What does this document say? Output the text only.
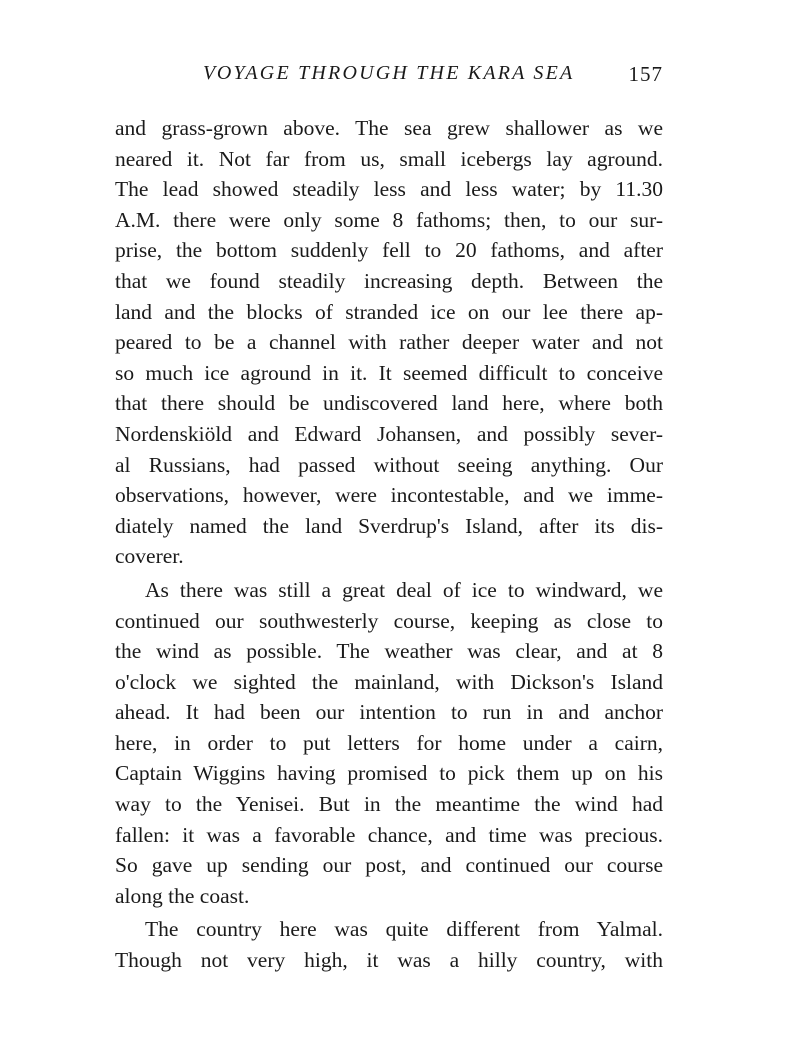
VOYAGE THROUGH THE KARA SEA	157
and grass-grown above. The sea grew shallower as we
neared it. Not far from us, small icebergs lay aground.
The lead showed steadily less and less water; by 11.30
A.M. there were only some 8 fathoms; then, to our sur-
prise, the bottom suddenly fell to 20 fathoms, and after
that we found steadily increasing depth. Between the
land and the blocks of stranded ice on our lee there ap-
peared to be a channel with rather deeper water and not
so much ice aground in it. It seemed difficult to conceive
that there should be undiscovered land here, where both
Nordenskiöld and Edward Johansen, and possibly sever-
al Russians, had passed without seeing anything. Our
observations, however, were incontestable, and we imme-
diately named the land Sverdrup's Island, after its dis-
coverer.
As there was still a great deal of ice to windward, we
continued our southwesterly course, keeping as close to
the wind as possible. The weather was clear, and at 8
o'clock we sighted the mainland, with Dickson's Island
ahead. It had been our intention to run in and anchor
here, in order to put letters for home under a cairn,
Captain Wiggins having promised to pick them up on his
way to the Yenisei. But in the meantime the wind had
fallen: it was a favorable chance, and time was precious.
So gave up sending our post, and continued our course
along the coast.
The country here was quite different from Yalmal.
Though not very high, it was a hilly country, with
